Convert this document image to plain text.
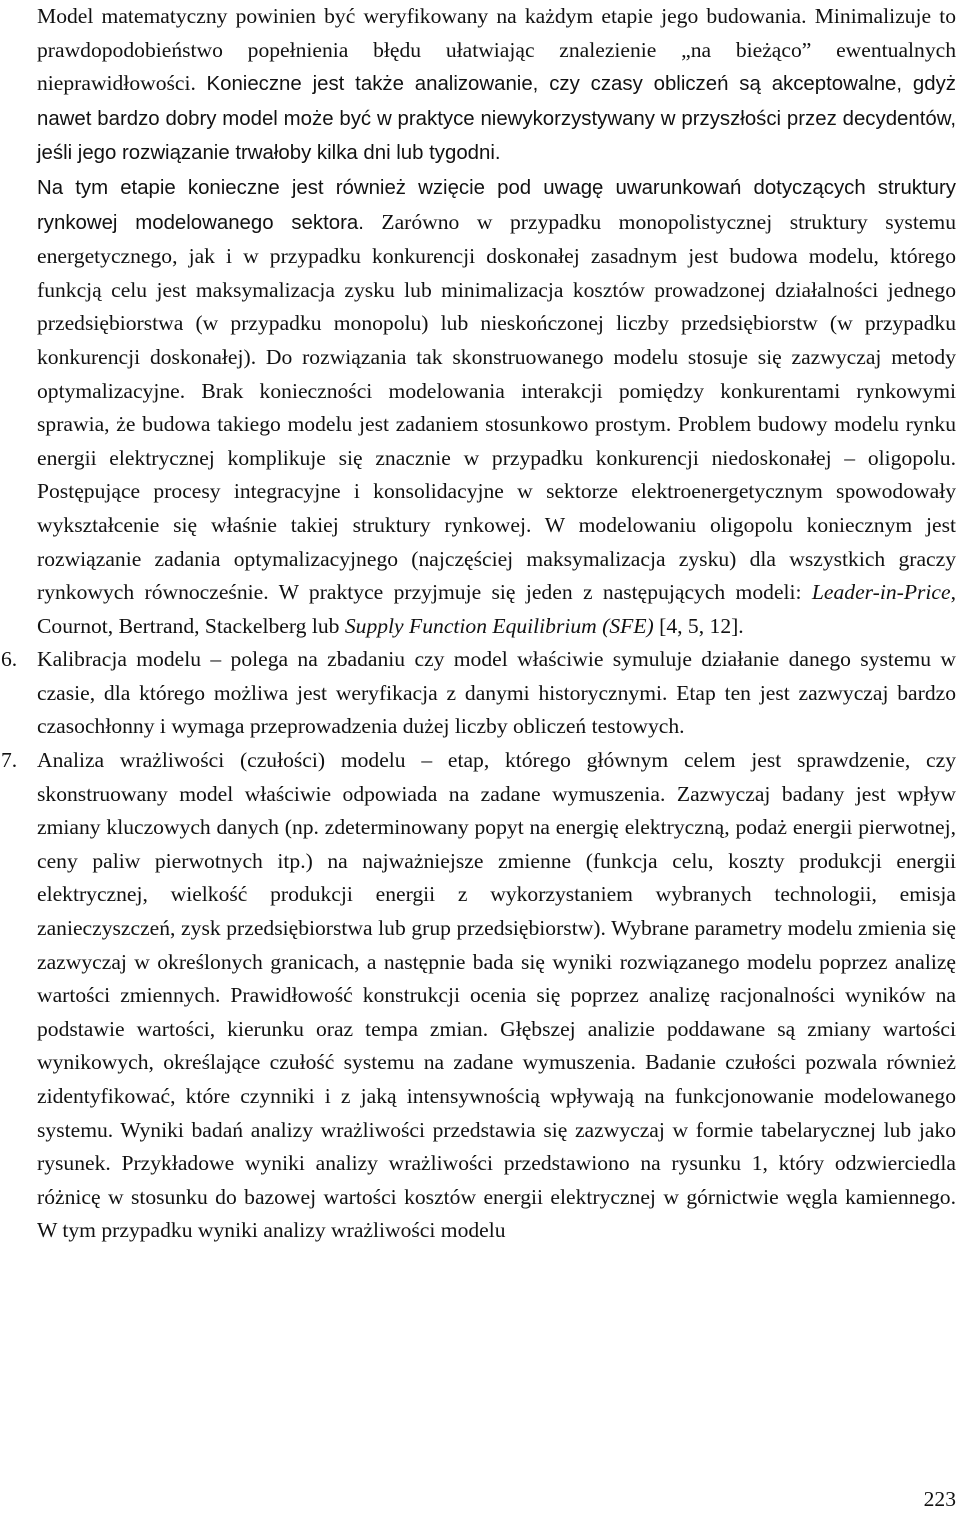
Model matematyczny powinien być weryfikowany na każdym etapie jego budowania. Minimalizuje to prawdopodobieństwo popełnienia błędu ułatwiając znalezienie „na bieżąco” ewentualnych nieprawidłowości. Konieczne jest także analizowanie, czy czasy obliczeń są akceptowalne, gdyż nawet bardzo dobry model może być w praktyce niewykorzystywany w przyszłości przez decydentów, jeśli jego rozwiązanie trwałoby kilka dni lub tygodni.

Na tym etapie konieczne jest również wzięcie pod uwagę uwarunkowań dotyczących struktury rynkowej modelowanego sektora. Zarówno w przypadku monopolistycznej struktury systemu energetycznego, jak i w przypadku konkurencji doskonałej zasadnym jest budowa modelu, którego funkcją celu jest maksymalizacja zysku lub minimalizacja kosztów prowadzonej działalności jednego przedsiębiorstwa (w przypadku monopolu) lub nieskończonej liczby przedsiębiorstw (w przypadku konkurencji doskonałej). Do rozwiązania tak skonstruowanego modelu stosuje się zazwyczaj metody optymalizacyjne. Brak konieczności modelowania interakcji pomiędzy konkurentami rynkowymi sprawia, że budowa takiego modelu jest zadaniem stosunkowo prostym. Problem budowy modelu rynku energii elektrycznej komplikuje się znacznie w przypadku konkurencji niedoskonałej – oligopolu. Postępujące procesy integracyjne i konsolidacyjne w sektorze elektroenergetycznym spowodowały wykształcenie się właśnie takiej struktury rynkowej. W modelowaniu oligopolu koniecznym jest rozwiązanie zadania optymalizacyjnego (najczęściej maksymalizacja zysku) dla wszystkich graczy rynkowych równocześnie. W praktyce przyjmuje się jeden z następujących modeli: Leader-in-Price, Cournot, Bertrand, Stackelberg lub Supply Function Equilibrium (SFE) [4, 5, 12].

6. Kalibracja modelu – polega na zbadaniu czy model właściwie symuluje działanie danego systemu w czasie, dla którego możliwa jest weryfikacja z danymi historycznymi. Etap ten jest zazwyczaj bardzo czasochłonny i wymaga przeprowadzenia dużej liczby obliczeń testowych.

7. Analiza wrażliwości (czułości) modelu – etap, którego głównym celem jest sprawdzenie, czy skonstruowany model właściwie odpowiada na zadane wymuszenia. Zazwyczaj badany jest wpływ zmiany kluczowych danych (np. zdeterminowany popyt na energię elektryczną, podaż energii pierwotnej, ceny paliw pierwotnych itp.) na najważniejsze zmienne (funkcja celu, koszty produkcji energii elektrycznej, wielkość produkcji energii z wykorzystaniem wybranych technologii, emisja zanieczyszczeń, zysk przedsiębiorstwa lub grup przedsiębiorstw). Wybrane parametry modelu zmienia się zazwyczaj w określonych granicach, a następnie bada się wyniki rozwiązanego modelu poprzez analizę wartości zmiennych. Prawidłowość konstrukcji ocenia się poprzez analizę racjonalności wyników na podstawie wartości, kierunku oraz tempa zmian. Głębszej analizie poddawane są zmiany wartości wynikowych, określające czułość systemu na zadane wymuszenia. Badanie czułości pozwala również zidentyfikować, które czynniki i z jaką intensywnością wpływają na funkcjonowanie modelowanego systemu. Wyniki badań analizy wrażliwości przedstawia się zazwyczaj w formie tabelarycznej lub jako rysunek. Przykładowe wyniki analizy wrażliwości przedstawiono na rysunku 1, który odzwierciedla różnicę w stosunku do bazowej wartości kosztów energii elektrycznej w górnictwie węgla kamiennego. W tym przypadku wyniki analizy wrażliwości modelu

223
